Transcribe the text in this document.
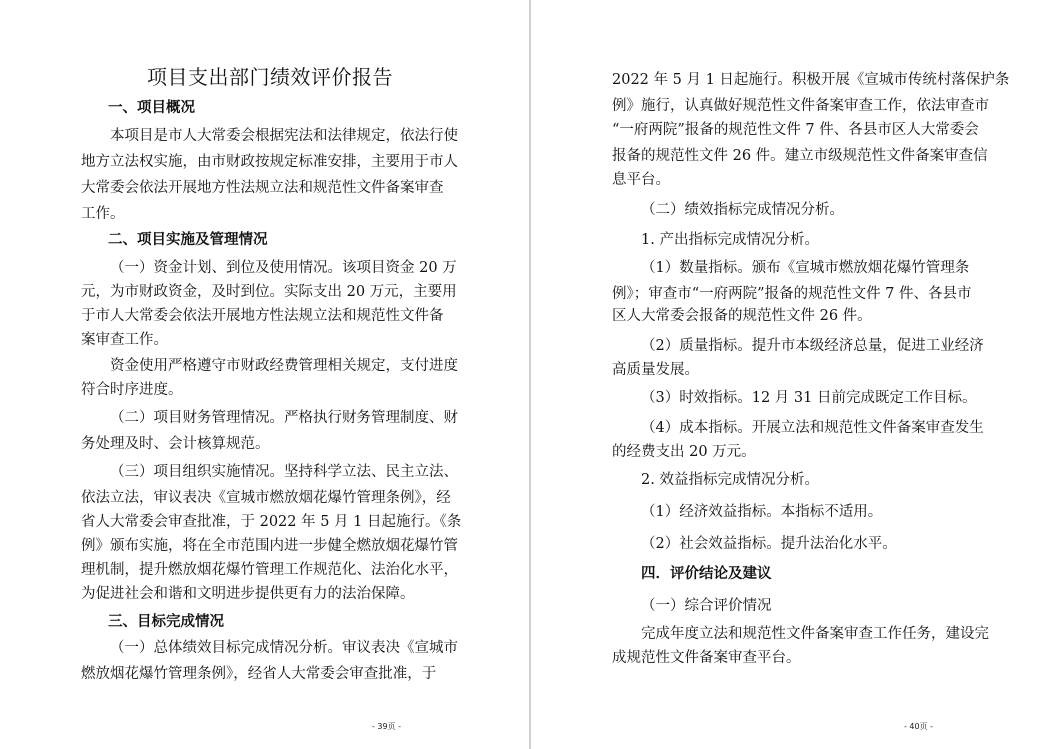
项目支出部门绩效评价报告
一、项目概况
本项目是市人大常委会根据宪法和法律规定，依法行使
地方立法权实施，由市财政按规定标准安排，主要用于市人
大常委会依法开展地方性法规立法和规范性文件备案审查
工作。
二、项目实施及管理情况
（一）资金计划、到位及使用情况。该项目资金 20 万
元，为市财政资金，及时到位。实际支出 20 万元，主要用
于市人大常委会依法开展地方性法规立法和规范性文件备
案审查工作。
资金使用严格遵守市财政经费管理相关规定，支付进度
符合时序进度。
（二）项目财务管理情况。严格执行财务管理制度、财
务处理及时、会计核算规范。
（三）项目组织实施情况。坚持科学立法、民主立法、
依法立法，审议表决《宣城市燃放烟花爆竹管理条例》，经
省人大常委会审查批准，于 2022 年 5 月 1 日起施行。《条
例》颁布实施，将在全市范围内进一步健全燃放烟花爆竹管
理机制，提升燃放烟花爆竹管理工作规范化、法治化水平，
为促进社会和谐和文明进步提供更有力的法治保障。
三、目标完成情况
（一）总体绩效目标完成情况分析。审议表决《宣城市
燃放烟花爆竹管理条例》，经省人大常委会审查批准，于
- 39页 -
2022 年 5 月 1 日起施行。积极开展《宣城市传统村落保护条
例》施行，认真做好规范性文件备案审查工作，依法审查市
“一府两院”报备的规范性文件 7 件、各县市区人大常委会
报备的规范性文件 26 件。建立市级规范性文件备案审查信
息平台。
（二）绩效指标完成情况分析。
1. 产出指标完成情况分析。
（1）数量指标。颁布《宣城市燃放烟花爆竹管理条
例》；审查市“一府两院”报备的规范性文件 7 件、各县市
区人大常委会报备的规范性文件 26 件。
（2）质量指标。提升市本级经济总量，促进工业经济
高质量发展。
（3）时效指标。12 月 31 日前完成既定工作目标。
（4）成本指标。开展立法和规范性文件备案审查发生
的经费支出 20 万元。
2. 效益指标完成情况分析。
（1）经济效益指标。本指标不适用。
（2）社会效益指标。提升法治化水平。
四．评价结论及建议
（一）综合评价情况
完成年度立法和规范性文件备案审查工作任务，建设完
成规范性文件备案审查平台。
- 40页 -
